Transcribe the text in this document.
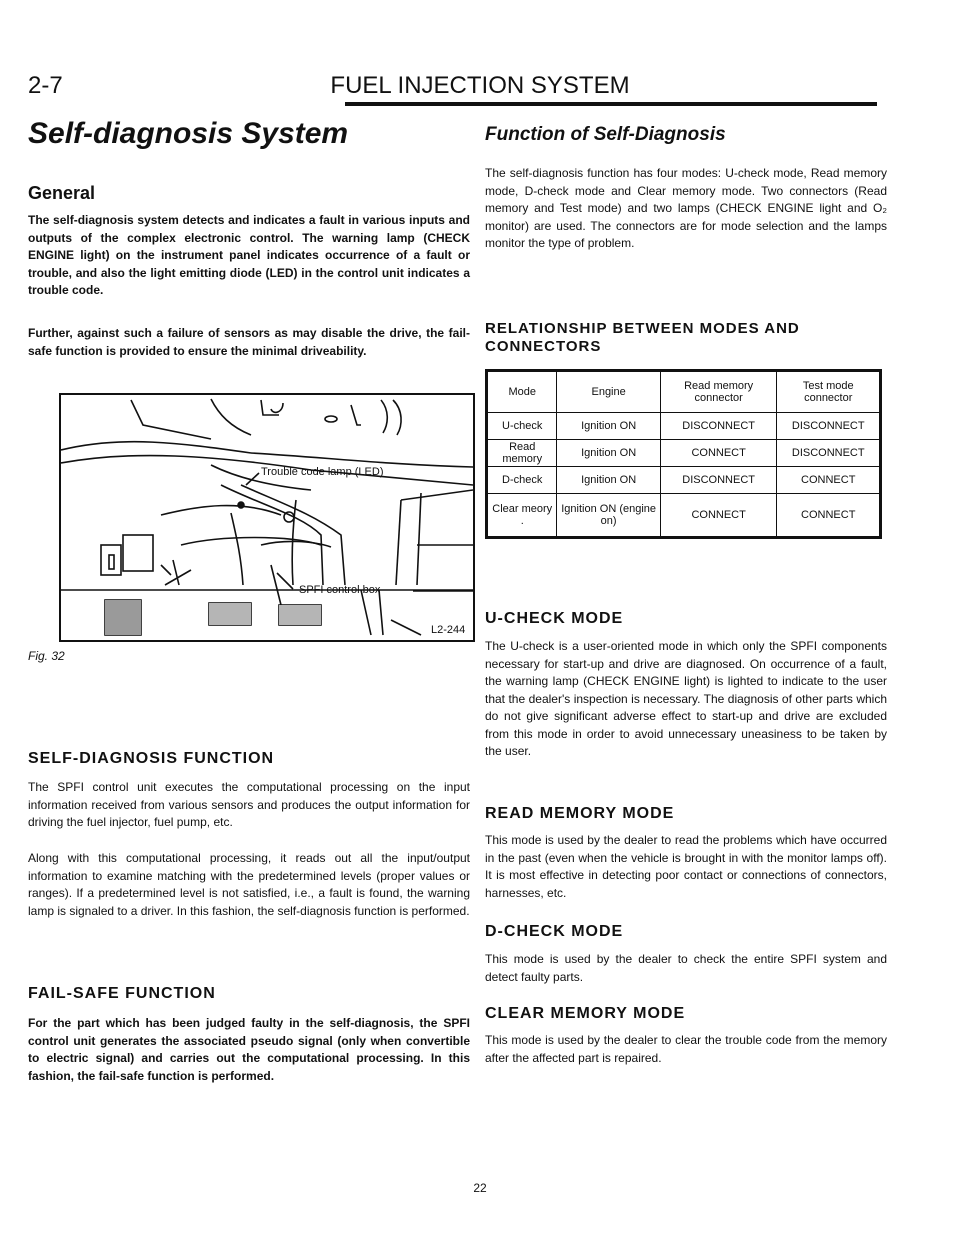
2-7	FUEL INJECTION SYSTEM
Self-diagnosis System
General

The self-diagnosis system detects and indicates a fault in various inputs and outputs of the complex electronic control. The warning lamp (CHECK ENGINE light) on the instrument panel indicates occurrence of a fault or trouble, and also the light emitting diode (LED) in the control unit indicates a trouble code.

Further, against such a failure of sensors as may disable the drive, the fail-safe function is provided to ensure the minimal driveability.

Trouble code lamp (LED)
SPFI control box
L2-244
Fig. 32
SELF-DIAGNOSIS FUNCTION

The SPFI control unit executes the computational processing on the input information received from various sensors and produces the output information for driving the fuel injector, fuel pump, etc.

Along with this computational processing, it reads out all the input/output information to examine matching with the predetermined levels (proper values or ranges). If a predetermined level is not satisfied, i.e., a fault is found, the warning lamp is signaled to a driver. In this fashion, the self-diagnosis function is performed.

FAIL-SAFE FUNCTION

For the part which has been judged faulty in the self-diagnosis, the SPFI control unit generates the associated pseudo signal (only when convertible to electric signal) and carries out the computational processing. In this fashion, the fail-safe function is performed.

Function of Self-Diagnosis

The self-diagnosis function has four modes: U-check mode, Read memory mode, D-check mode and Clear memory mode. Two connectors (Read memory and Test mode) and two lamps (CHECK ENGINE light and O₂ monitor) are used. The connectors are for mode selection and the lamps monitor the type of problem.

RELATIONSHIP BETWEEN MODES AND
CONNECTORS
Mode	Engine	Read memory connector	Test mode connector
U-check	Ignition ON	DISCONNECT	DISCONNECT
Read memory	Ignition ON	CONNECT	DISCONNECT
D-check	Ignition ON	DISCONNECT	CONNECT
Clear meory .	Ignition ON (engine on)	CONNECT	CONNECT
U-CHECK MODE

The U-check is a user-oriented mode in which only the SPFI components necessary for start-up and drive are diagnosed. On occurrence of a fault, the warning lamp (CHECK ENGINE light) is lighted to indicate to the user that the dealer's inspection is necessary. The diagnosis of other parts which do not give significant adverse effect to start-up and drive are excluded from this mode in order to avoid unnecessary uneasiness to be taken by the user.

READ MEMORY MODE

This mode is used by the dealer to read the problems which have occurred in the past (even when the vehicle is brought in with the monitor lamps off). It is most effective in detecting poor contact or connections of connectors, harnesses, etc.

D-CHECK MODE

This mode is used by the dealer to check the entire SPFI system and detect faulty parts.

CLEAR MEMORY MODE

This mode is used by the dealer to clear the trouble code from the memory after the affected part is repaired.

22
